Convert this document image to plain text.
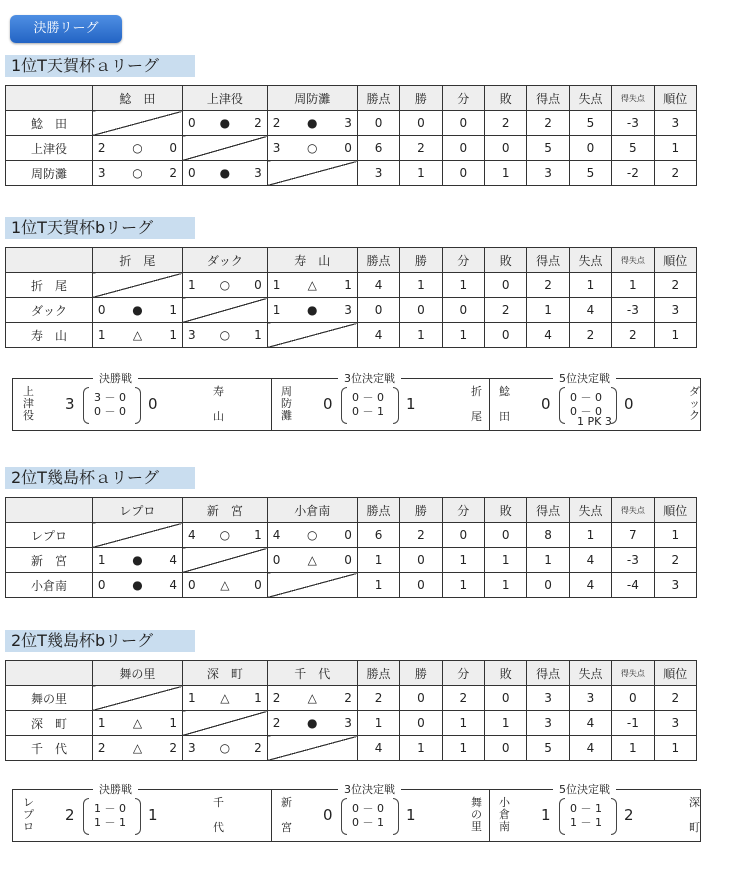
決勝リーグ
1位T天賀杯ａリーグ
	鯰　田	上津役	周防灘	勝点	勝	分	敗	得点	失点	得失点	順位
鯰　田		0 ● 2	2 ● 3	0	0	0	2	2	5	-3	3
上津役	2 ○ 0		3 ○ 0	6	2	0	0	5	0	5	1
周防灘	3 ○ 2	0 ● 3		3	1	0	1	3	5	-2	2
1位T天賀杯bリーグ
	折　尾	ダック	寿　山	勝点	勝	分	敗	得点	失点	得失点	順位
折　尾		1 ○ 0	1 △ 1	4	1	1	0	2	1	1	2
ダック	0 ● 1		1 ● 3	0	0	0	2	1	4	-3	3
寿　山	1 △ 1	3 ○ 1		4	1	1	0	4	2	2	1
2位T幾島杯ａリーグ
	レプロ	新　宮	小倉南	勝点	勝	分	敗	得点	失点	得失点	順位
レプロ		4 ○ 1	4 ○ 0	6	2	0	0	8	1	7	1
新　宮	1 ● 4		0 △ 0	1	0	1	1	1	4	-3	2
小倉南	0 ● 4	0 △ 0		1	0	1	1	0	4	-4	3
2位T幾島杯bリーグ
	舞の里	深　町	千　代	勝点	勝	分	敗	得点	失点	得失点	順位
舞の里		1 △ 1	2 △ 2	2	0	2	0	3	3	0	2
深　町	1 △ 1		2 ● 3	1	0	1	1	3	4	-1	3
千　代	2 △ 2	3 ○ 2		4	1	1	0	5	4	1	1
決勝戦
上
津
役
3 3 － 0
0 － 0 0
寿
山
3位決定戦
周
防
灘
0 0 － 0
0 － 1 1
折
尾
5位決定戦
鯰
田
0 0 － 0
0 － 0
1 PK 3
0
ダ
ッ
ク
決勝戦
レ
プ
ロ
2 1 － 0
1 － 1 1
千
代
3位決定戦
新
宮
0 0 － 0
0 － 1 1
舞
の
里
5位決定戦
小
倉
南
1 0 － 1
1 － 1 2
深
町
